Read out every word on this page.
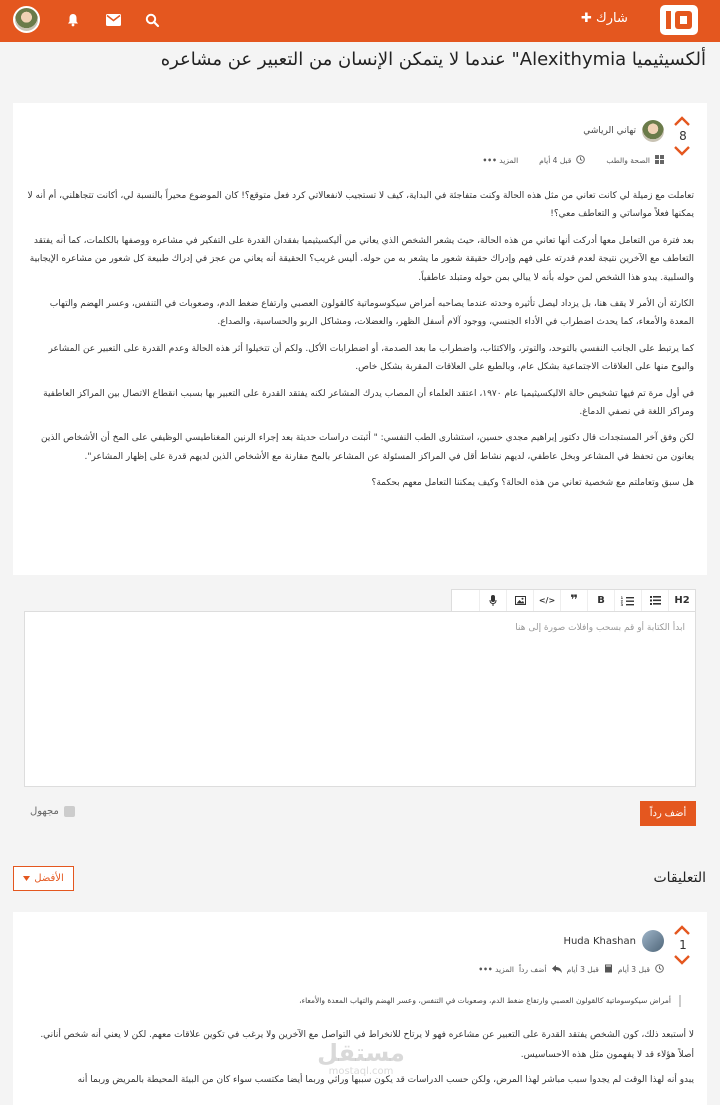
شارك ✚
ألكسيثيميا Alexithymia" عندما لا يتمكن الإنسان من التعبير عن مشاعره
8
تهاني الرياشي
الصحة والطب
قبل 4 أيام
المزيد •••

تعاملت مع زميلة لي كانت تعاني من مثل هذه الحالة وكنت متفاجئة في البداية، كيف لا تستجيب لانفعالاتي كرد فعل متوقع؟! كان الموضوع محيراً بالنسبة لي، أكانت تتجاهلني، أم أنه لا يمكنها فعلاً مواساتي و التعاطف معي؟!

بعد فترة من التعامل معها أدركت أنها تعاني من هذه الحالة، حيث يشعر الشخص الذي يعاني من أليكسيثيميا بفقدان القدرة على التفكير في مشاعره ووصفها بالكلمات، كما أنه يفتقد التعاطف مع الآخرين نتيجة لعدم قدرته على فهم وإدراك حقيقة شعور ما يشعر به من حوله. أليس غريب؟ الحقيقة أنه يعاني من عجز في إدراك طبيعة كل شعور من مشاعره الإيجابية والسلبية. يبدو هذا الشخص لمن حوله بأنه لا يبالي بمن حوله ومتبلد عاطفياً.

الكارثة أن الأمر لا يقف هنا، بل يزداد ليصل تأثيره وحدته عندما يصاحبه أمراض سيكوسوماتية كالقولون العصبي وارتفاع ضغط الدم، وصعوبات في التنفس، وعسر الهضم والتهاب المعدة والأمعاء، كما يحدث اضطراب في الأداء الجنسي، ووجود آلام أسفل الظهر، والعضلات، ومشاكل الربو والحساسية، والصداع.

كما يرتبط على الجانب النفسي بالتوحد، والتوتر، والاكتئاب، واضطراب ما بعد الصدمة، أو اضطرابات الأكل. ولكم أن تتخيلوا أثر هذه الحالة وعدم القدرة على التعبير عن المشاعر والبوح منها على العلاقات الاجتماعية بشكل عام، وبالطبع على العلاقات المقربة بشكل خاص.

في أول مرة تم فيها تشخيص حالة الاليكسيثيميا عام ١٩٧٠، اعتقد العلماء أن المصاب يدرك المشاعر لكنه يفتقد القدرة على التعبير بها بسبب انقطاع الاتصال بين المراكز العاطفية ومراكز اللغة في نصفي الدماغ.

لكن وفق آخر المستجدات قال دكتور إبراهيم مجدي حسين، استشارى الطب النفسي: " أثبتت دراسات حديثة بعد إجراء الرنين المغناطيسي الوظيفي على المخ أن الأشخاص الذين يعانون من تحفظ في المشاعر وبخل عاطفي، لديهم نشاط أقل في المراكز المسئولة عن المشاعر بالمخ مقارنة مع الأشخاص الذين لديهم قدرة على إظهار المشاعر".

هل سبق وتعاملتم مع شخصية تعاني من هذه الحالة؟ وكيف يمكننا التعامل معهم بحكمة؟

H2
1
2
3
B
❞
</>
ابدأ الكتابة أو قم بسحب وافلات صورة إلى هنا
مجهول	أضف رداً
التعليقات
الأفضل
1
Huda Khashan
قبل 3 أيام
قبل 3 أيام
أضف رداً
المزيد •••
أمراض سيكوسوماتية كالقولون العصبي وارتفاع ضغط الدم، وصعوبات في التنفس، وعسر الهضم والتهاب المعدة والأمعاء،

لا أستبعد ذلك، كون الشخص يفتقد القدرة على التعبير عن مشاعره فهو لا يرتاح للانخراط في التواصل مع الآخرين ولا يرغب في تكوين علاقات معهم. لكن لا يعني أنه شخص أناني. أصلاً هؤلاء قد لا يفهمون مثل هذه الاحساسيس.

يبدو أنه لهذا الوقت لم يجدوا سبب مباشر لهذا المرض، ولكن حسب الدراسات قد يكون سببها وراثي وربما أيضا مكتسب سواء كان من البيئة المحيطة بالمريض وربما أنه

مستقل
mostaql.com
